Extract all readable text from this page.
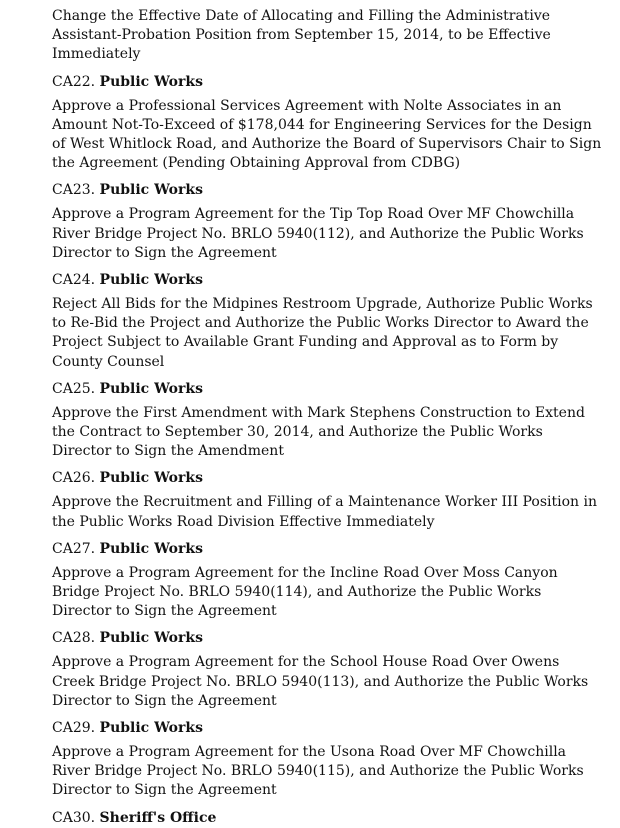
Change the Effective Date of Allocating and Filling the Administrative Assistant-Probation Position from September 15, 2014, to be Effective Immediately

CA22. Public Works

Approve a Professional Services Agreement with Nolte Associates in an Amount Not-To-Exceed of $178,044 for Engineering Services for the Design of West Whitlock Road, and Authorize the Board of Supervisors Chair to Sign the Agreement (Pending Obtaining Approval from CDBG)

CA23. Public Works

Approve a Program Agreement for the Tip Top Road Over MF Chowchilla River Bridge Project No. BRLO 5940(112), and Authorize the Public Works Director to Sign the Agreement

CA24. Public Works

Reject All Bids for the Midpines Restroom Upgrade, Authorize Public Works to Re-Bid the Project and Authorize the Public Works Director to Award the Project Subject to Available Grant Funding and Approval as to Form by County Counsel

CA25. Public Works

Approve the First Amendment with Mark Stephens Construction to Extend the Contract to September 30, 2014, and Authorize the Public Works Director to Sign the Amendment

CA26. Public Works

Approve the Recruitment and Filling of a Maintenance Worker III Position in the Public Works Road Division Effective Immediately

CA27. Public Works

Approve a Program Agreement for the Incline Road Over Moss Canyon Bridge Project No. BRLO 5940(114), and Authorize the Public Works Director to Sign the Agreement

CA28. Public Works

Approve a Program Agreement for the School House Road Over Owens Creek Bridge Project No. BRLO 5940(113), and Authorize the Public Works Director to Sign the Agreement

CA29. Public Works

Approve a Program Agreement for the Usona Road Over MF Chowchilla River Bridge Project No. BRLO 5940(115), and Authorize the Public Works Director to Sign the Agreement

CA30. Sheriff's Office
